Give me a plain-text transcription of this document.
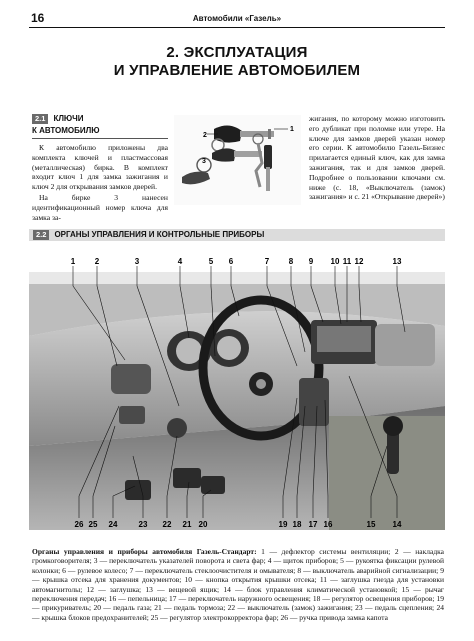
16	Автомобили «Газель»
2. ЭКСПЛУАТАЦИЯ
И УПРАВЛЕНИЕ АВТОМОБИЛЕМ
2.1 КЛЮЧИ
К АВТОМОБИЛЮ

К автомобилю приложены два комплекта ключей и пластмассовая (металлическая) бирка. В комплект входит ключ 1 для замка зажигания и ключ 2 для открывания замков дверей.

На бирке 3 нанесен идентификационный номер ключа для замка за-

2
1
3

жигания, по которому можно изготовить его дубликат при поломке или утере. На ключе для замков дверей указан номер его серии. К автомобилю Газель-Бизнес прилагается единый ключ, как для замка зажигания, так и для замков дверей. Подробнее о пользовании ключами см. ниже (с. 18, «Выключатель (замок) зажигания» и с. 21 «Открывание дверей»)

2.2 ОРГАНЫ УПРАВЛЕНИЯ И КОНТРОЛЬНЫЕ ПРИБОРЫ
1 2	3	4	5 6	7 8 9 10 11 12	13
26 25 24	23 22 21 20	19 18 17 16	15 14
Органы управления и приборы автомобиля Газель-Стандарт: 1 — дефлектор системы вентиляции; 2 — накладка громкоговорителя; 3 — переключатель указателей поворота и света фар; 4 — щиток приборов; 5 — рукоятка фиксации рулевой колонки; 6 — рулевое колесо; 7 — переключатель стеклоочистителя и омывателя; 8 — выключатель аварийной сигнализации; 9 — крышка отсека для хранения документов; 10 — кнопка открытия крышки отсека; 11 — заглушка гнезда для установки автомагнитолы; 12 — заглушка; 13 — вещевой ящик; 14 — блок управления климатической установкой; 15 — рычаг переключения передач; 16 — пепельница; 17 — переключатель наружного освещения; 18 — регулятор освещения приборов; 19 — прикуриватель; 20 — педаль газа; 21 — педаль тормоза; 22 — выключатель (замок) зажигания; 23 — педаль сцепления; 24 — крышка блоков предохранителей; 25 — регулятор электрокорректора фар; 26 — ручка привода замка капота
